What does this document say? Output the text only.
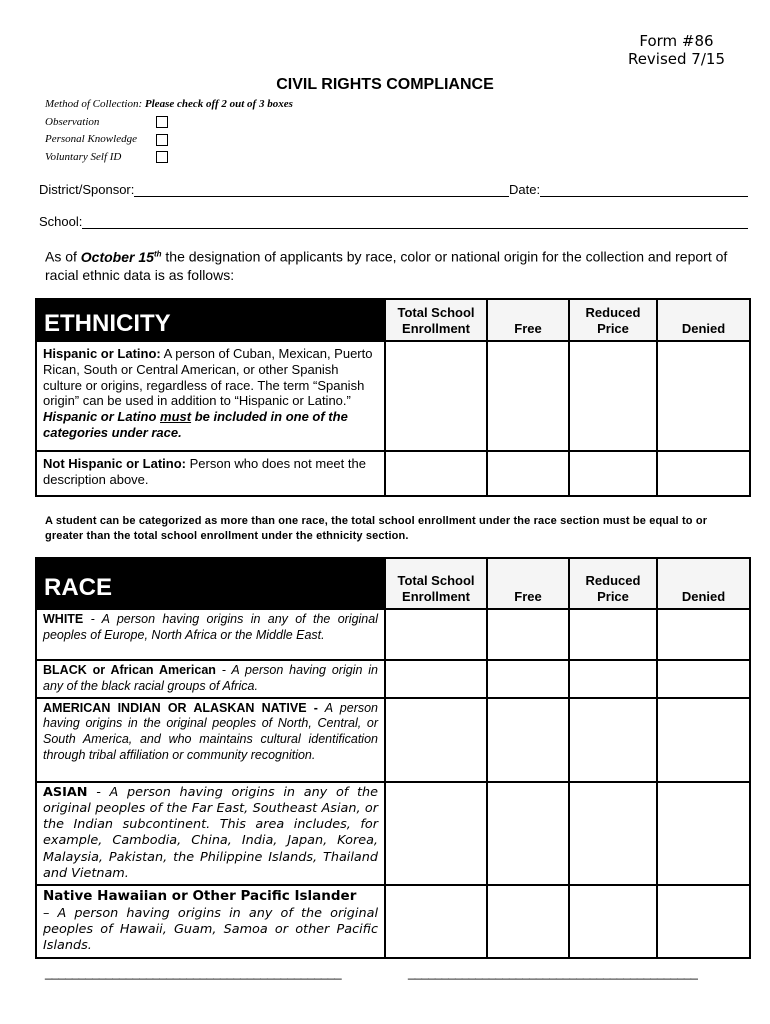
Form #86
Revised 7/15
CIVIL RIGHTS COMPLIANCE
Method of Collection:
Please check off 2 out of 3 boxes
Observation
Personal Knowledge
Voluntary Self ID
District/Sponsor:	Date:
School:
As of October 15th the designation of applicants by race, color or national origin for the collection and report of racial ethnic data is as follows:
ETHNICITY	Total School Enrollment	Free	Reduced Price	Denied
Hispanic or Latino: A person of Cuban, Mexican, Puerto Rican, South or Central American, or other Spanish culture or origins, regardless of race. The term “Spanish origin” can be used in addition to “Hispanic or Latino.” Hispanic or Latino must be included in one of the categories under race.				
Not Hispanic or Latino: Person who does not meet the description above.				
A student can be categorized as more than one race, the total school enrollment under the race section must be equal to or greater than the total school enrollment under the ethnicity section.
RACE	Total School Enrollment	Free	Reduced Price	Denied
WHITE - A person having origins in any of the original peoples of Europe, North Africa or the Middle East.				
BLACK or African American - A person having origin in any of the black racial groups of Africa.				
AMERICAN INDIAN OR ALASKAN NATIVE - A person having origins in the original peoples of North, Central, or South America, and who maintains cultural identification through tribal affiliation or community recognition.				
ASIAN - A person having origins in any of the original peoples of the Far East, Southeast Asian, or the Indian subcontinent. This area includes, for example, Cambodia, China, India, Japan, Korea, Malaysia, Pakistan, the Philippine Islands, Thailand and Vietnam.				
Native Hawaiian or Other Pacific Islander
– A person having origins in any of the original peoples of Hawaii, Guam, Samoa or other Pacific Islands.				
____________________________________________	___________________________________________
